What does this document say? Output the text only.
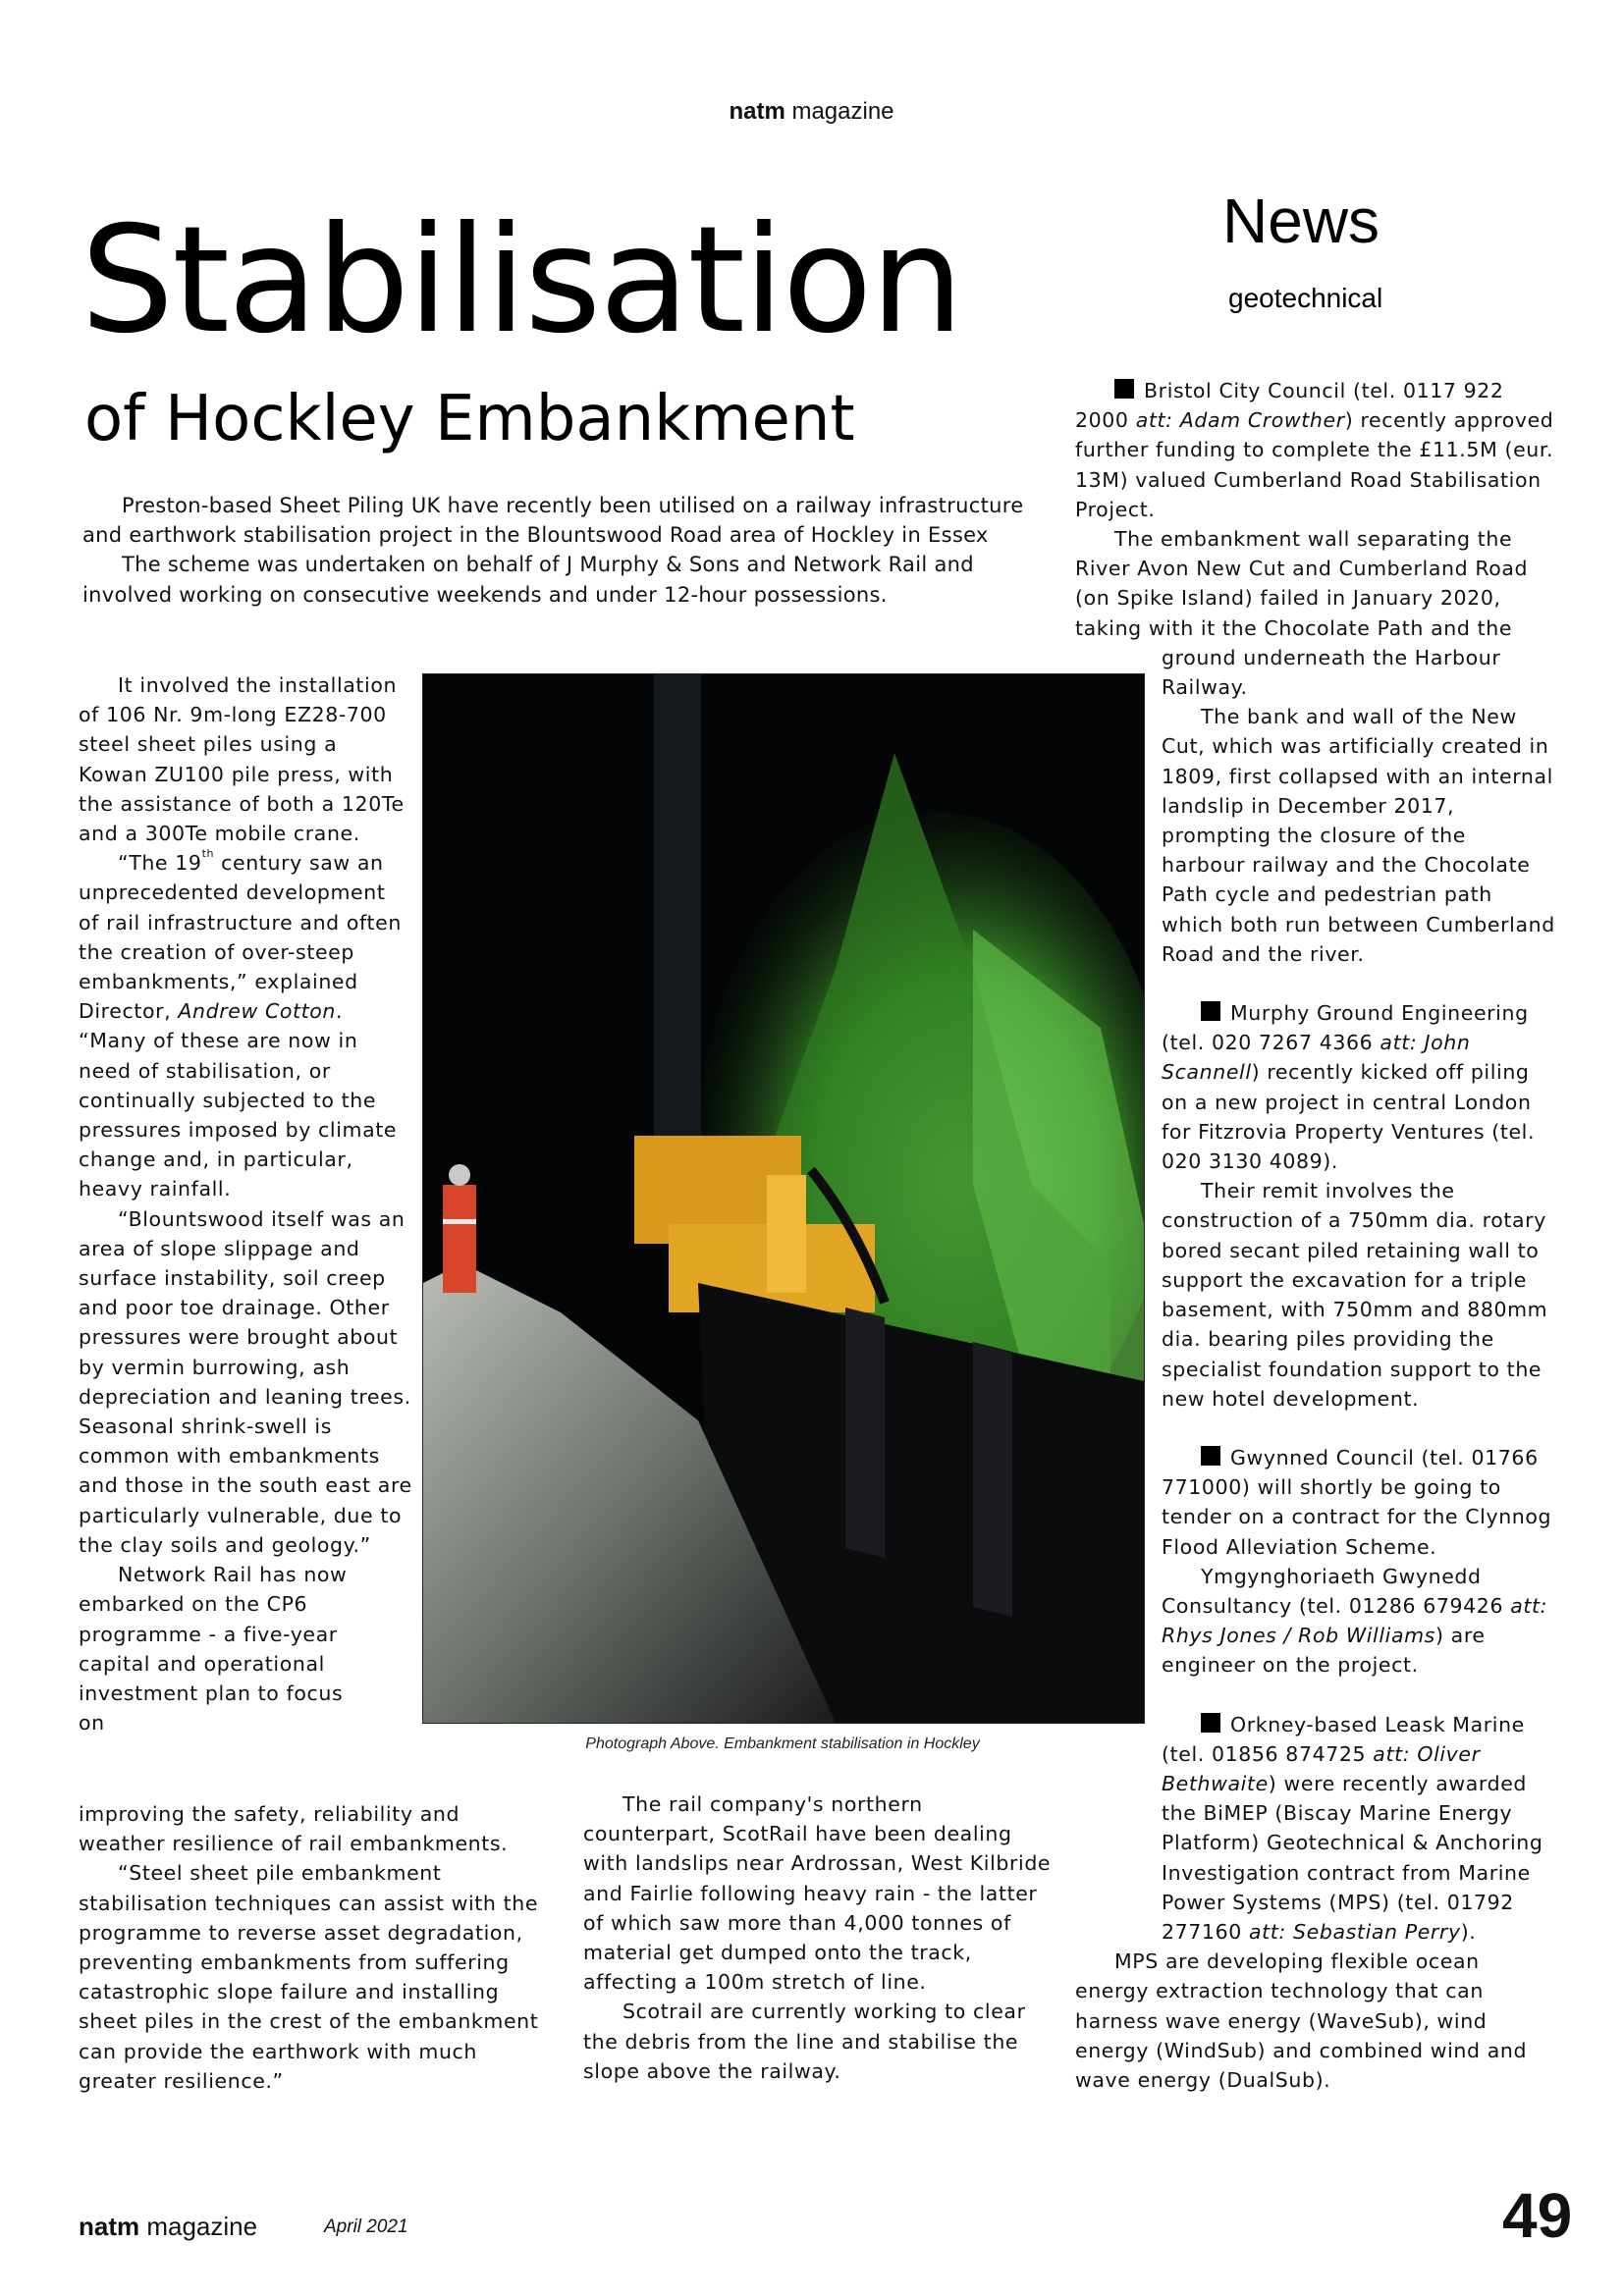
natm magazine
Stabilisation
of Hockley Embankment
News
geotechnical

Preston-based Sheet Piling UK have recently been utilised on a railway infrastructure and earthwork stabilisation project in the Blountswood Road area of Hockley in Essex

The scheme was undertaken on behalf of J Murphy & Sons and Network Rail and involved working on consecutive weekends and under 12-hour possessions.

It involved the installation of 106 Nr. 9m-long EZ28-700 steel sheet piles using a Kowan ZU100 pile press, with the assistance of both a 120Te and a 300Te mobile crane.

“The 19th century saw an unprecedented development of rail infrastructure and often the creation of over-steep embankments,” explained Director, Andrew Cotton. “Many of these are now in need of stabilisation, or continually subjected to the pressures imposed by climate change and, in particular, heavy rainfall.

“Blountswood itself was an area of slope slippage and surface instability, soil creep and poor toe drainage. Other pressures were brought about by vermin burrowing, ash depreciation and leaning trees. Seasonal shrink-swell is common with embankments and those in the south east are particularly vulnerable, due to the clay soils and geology.”

Network Rail has now embarked on the CP6 programme - a five-year capital and operational investment plan to focus on

improving the safety, reliability and weather resilience of rail embankments.

“Steel sheet pile embankment stabilisation techniques can assist with the programme to reverse asset degradation, preventing embankments from suffering catastrophic slope failure and installing sheet piles in the crest of the embankment can provide the earthwork with much greater resilience.”

Photograph Above. Embankment stabilisation in Hockley

The rail company's northern counterpart, ScotRail have been dealing with landslips near Ardrossan, West Kilbride and Fairlie following heavy rain - the latter of which saw more than 4,000 tonnes of material get dumped onto the track, affecting a 100m stretch of line.

Scotrail are currently working to clear the debris from the line and stabilise the slope above the railway.

Bristol City Council (tel. 0117 922 2000 att: Adam Crowther) recently approved further funding to complete the £11.5M (eur. 13M) valued Cumberland Road Stabilisation Project.

The embankment wall separating the River Avon New Cut and Cumberland Road (on Spike Island) failed in January 2020, taking with it the Chocolate Path and the

ground underneath the Harbour Railway.

The bank and wall of the New Cut, which was artificially created in 1809, first collapsed with an internal landslip in December 2017, prompting the closure of the harbour railway and the Chocolate Path cycle and pedestrian path which both run between Cumberland Road and the river.

Murphy Ground Engineering (tel. 020 7267 4366 att: John Scannell) recently kicked off piling on a new project in central London for Fitzrovia Property Ventures (tel. 020 3130 4089).

Their remit involves the construction of a 750mm dia. rotary bored secant piled retaining wall to support the excavation for a triple basement, with 750mm and 880mm dia. bearing piles providing the specialist foundation support to the new hotel development.

Gwynned Council (tel. 01766 771000) will shortly be going to tender on a contract for the Clynnog Flood Alleviation Scheme.

Ymgynghoriaeth Gwynedd Consultancy (tel. 01286 679426 att: Rhys Jones / Rob Williams) are engineer on the project.

Orkney-based Leask Marine (tel. 01856 874725 att: Oliver Bethwaite) were recently awarded the BiMEP (Biscay Marine Energy Platform) Geotechnical & Anchoring Investigation contract from Marine Power Systems (MPS) (tel. 01792 277160 att: Sebastian Perry).

MPS are developing flexible ocean energy extraction technology that can harness wave energy (WaveSub), wind energy (WindSub) and combined wind and wave energy (DualSub).

natm magazine	April 2021	49
